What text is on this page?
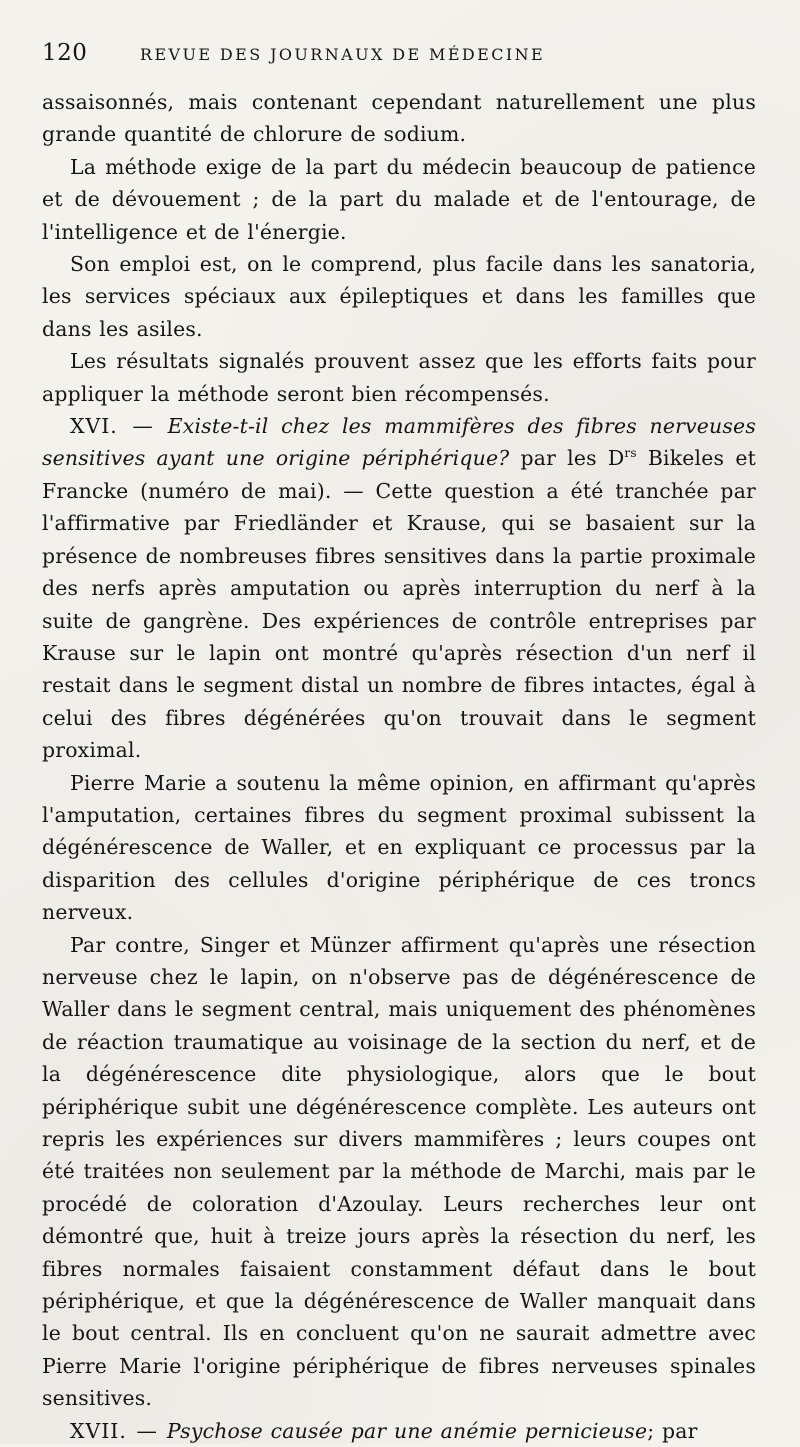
120	REVUE DES JOURNAUX DE MÉDECINE

assaisonnés, mais contenant cependant naturellement une plus grande quantité de chlorure de sodium.

La méthode exige de la part du médecin beaucoup de patience et de dévouement ; de la part du malade et de l'entourage, de l'intelligence et de l'énergie.

Son emploi est, on le comprend, plus facile dans les sanatoria, les services spéciaux aux épileptiques et dans les familles que dans les asiles.

Les résultats signalés prouvent assez que les efforts faits pour appliquer la méthode seront bien récompensés.

XVI. — Existe-t-il chez les mammifères des fibres nerveuses sensitives ayant une origine périphérique? par les $D^{rs}$ Bikeles et Francke (numéro de mai). — Cette question a été tranchée par l'affirmative par Friedländer et Krause, qui se basaient sur la présence de nombreuses fibres sensitives dans la partie proximale des nerfs après amputation ou après interruption du nerf à la suite de gangrène. Des expériences de contrôle entreprises par Krause sur le lapin ont montré qu'après résection d'un nerf il restait dans le segment distal un nombre de fibres intactes, égal à celui des fibres dégénérées qu'on trouvait dans le segment proximal.

Pierre Marie a soutenu la même opinion, en affirmant qu'après l'amputation, certaines fibres du segment proximal subissent la dégénérescence de Waller, et en expliquant ce processus par la disparition des cellules d'origine périphérique de ces troncs nerveux.

Par contre, Singer et Münzer affirment qu'après une résection nerveuse chez le lapin, on n'observe pas de dégénérescence de Waller dans le segment central, mais uniquement des phénomènes de réaction traumatique au voisinage de la section du nerf, et de la dégénérescence dite physiologique, alors que le bout périphérique subit une dégénérescence complète. Les auteurs ont repris les expériences sur divers mammifères ; leurs coupes ont été traitées non seulement par la méthode de Marchi, mais par le procédé de coloration d'Azoulay. Leurs recherches leur ont démontré que, huit à treize jours après la résection du nerf, les fibres normales faisaient constamment défaut dans le bout périphérique, et que la dégénérescence de Waller manquait dans le bout central. Ils en concluent qu'on ne saurait admettre avec Pierre Marie l'origine périphérique de fibres nerveuses spinales sensitives.

XVII. — Psychose causée par une anémie pernicieuse; par
